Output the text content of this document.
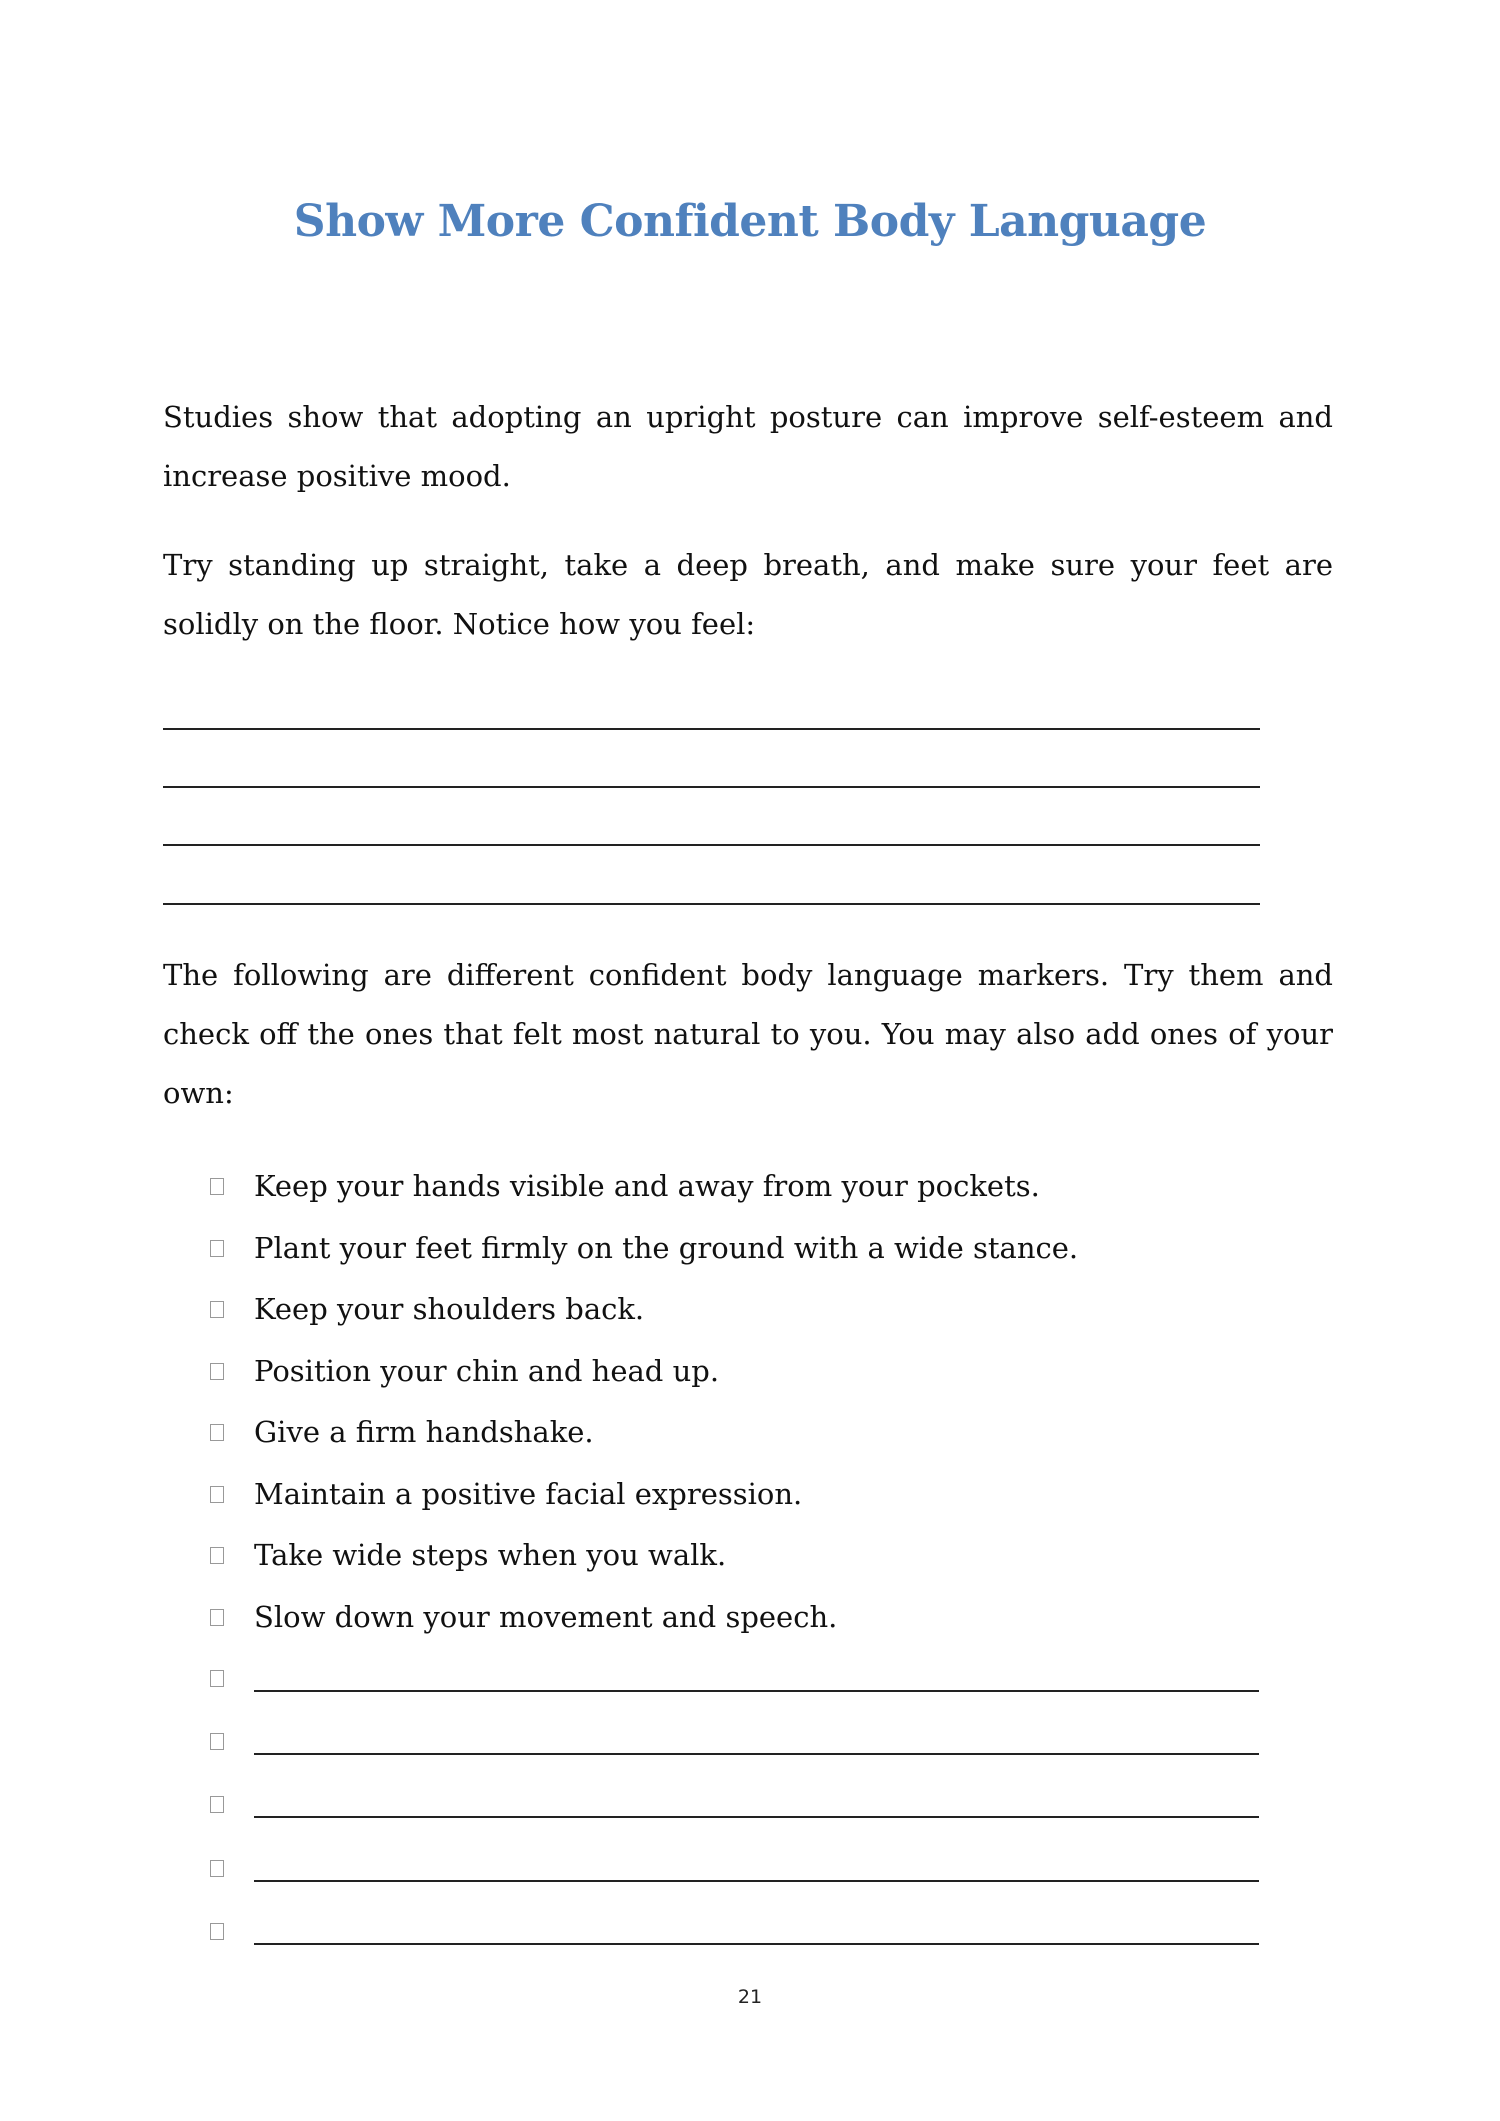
Show More Confident Body Language
Studies show that adopting an upright posture can improve self-esteem and increase positive mood.
Try standing up straight, take a deep breath, and make sure your feet are solidly on the floor. Notice how you feel:
The following are different confident body language markers. Try them and check off the ones that felt most natural to you. You may also add ones of your own:
Keep your hands visible and away from your pockets.
Plant your feet firmly on the ground with a wide stance.
Keep your shoulders back.
Position your chin and head up.
Give a firm handshake.
Maintain a positive facial expression.
Take wide steps when you walk.
Slow down your movement and speech.
21
